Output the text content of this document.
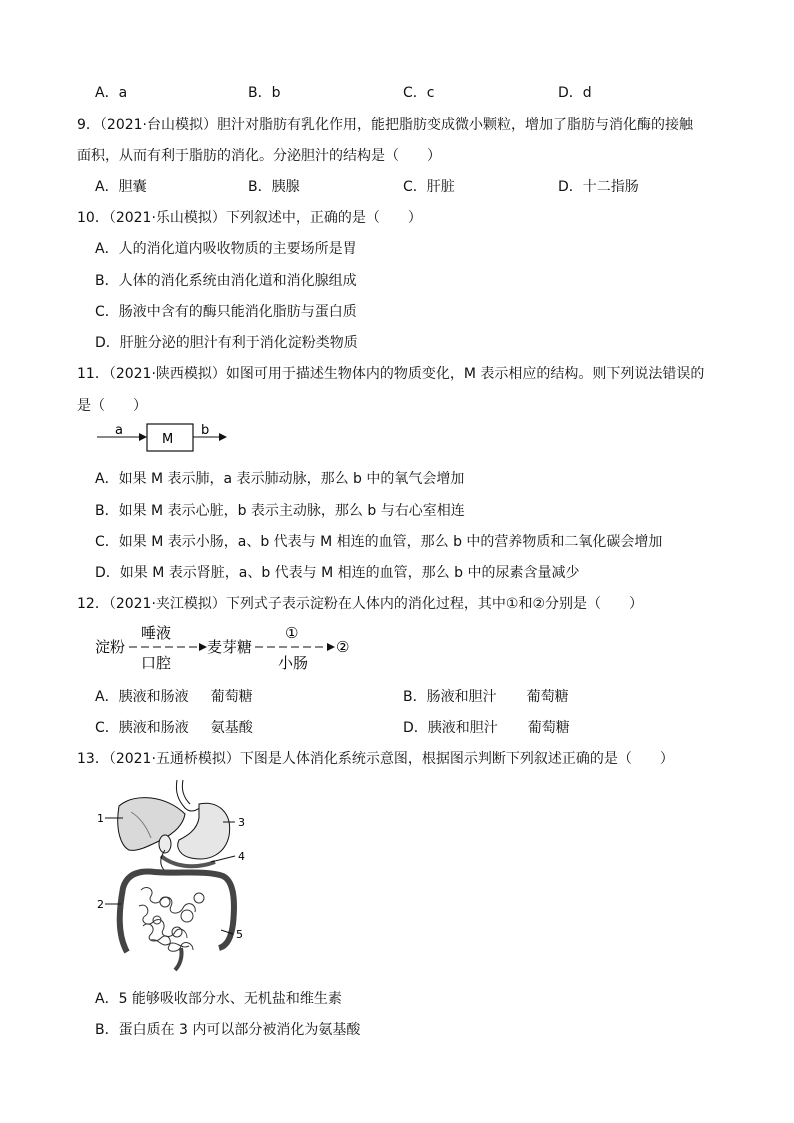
A．a	B．b	C．c	D．d
9．（2021·台山模拟）胆汁对脂肪有乳化作用，能把脂肪变成微小颗粒，增加了脂肪与消化酶的接触
面积，从而有利于脂肪的消化。分泌胆汁的结构是（　　）
A．胆囊	B．胰腺	C．肝脏	D．十二指肠
10．（2021·乐山模拟）下列叙述中，正确的是（　　）
A．人的消化道内吸收物质的主要场所是胃
B．人体的消化系统由消化道和消化腺组成
C．肠液中含有的酶只能消化脂肪与蛋白质
D．肝脏分泌的胆汁有利于消化淀粉类物质
11．（2021·陕西模拟）如图可用于描述生物体内的物质变化，M 表示相应的结构。则下列说法错误的
是（　　）
a
M
b
A．如果 M 表示肺，a 表示肺动脉，那么 b 中的氧气会增加
B．如果 M 表示心脏，b 表示主动脉，那么 b 与右心室相连
C．如果 M 表示小肠，a、b 代表与 M 相连的血管，那么 b 中的营养物质和二氧化碳会增加
D．如果 M 表示肾脏，a、b 代表与 M 相连的血管，那么 b 中的尿素含量减少
12．（2021·夹江模拟）下列式子表示淀粉在人体内的消化过程，其中①和②分别是（　　）
淀粉
唾液
口腔
麦芽糖
①
小肠
②
A．胰液和肠液 葡萄糖	B．肠液和胆汁 葡萄糖
C．胰液和肠液 氨基酸	D．胰液和胆汁 葡萄糖
13．（2021·五通桥模拟）下图是人体消化系统示意图，根据图示判断下列叙述正确的是（　　）
1
2
3
4
5
A．5 能够吸收部分水、无机盐和维生素
B．蛋白质在 3 内可以部分被消化为氨基酸
